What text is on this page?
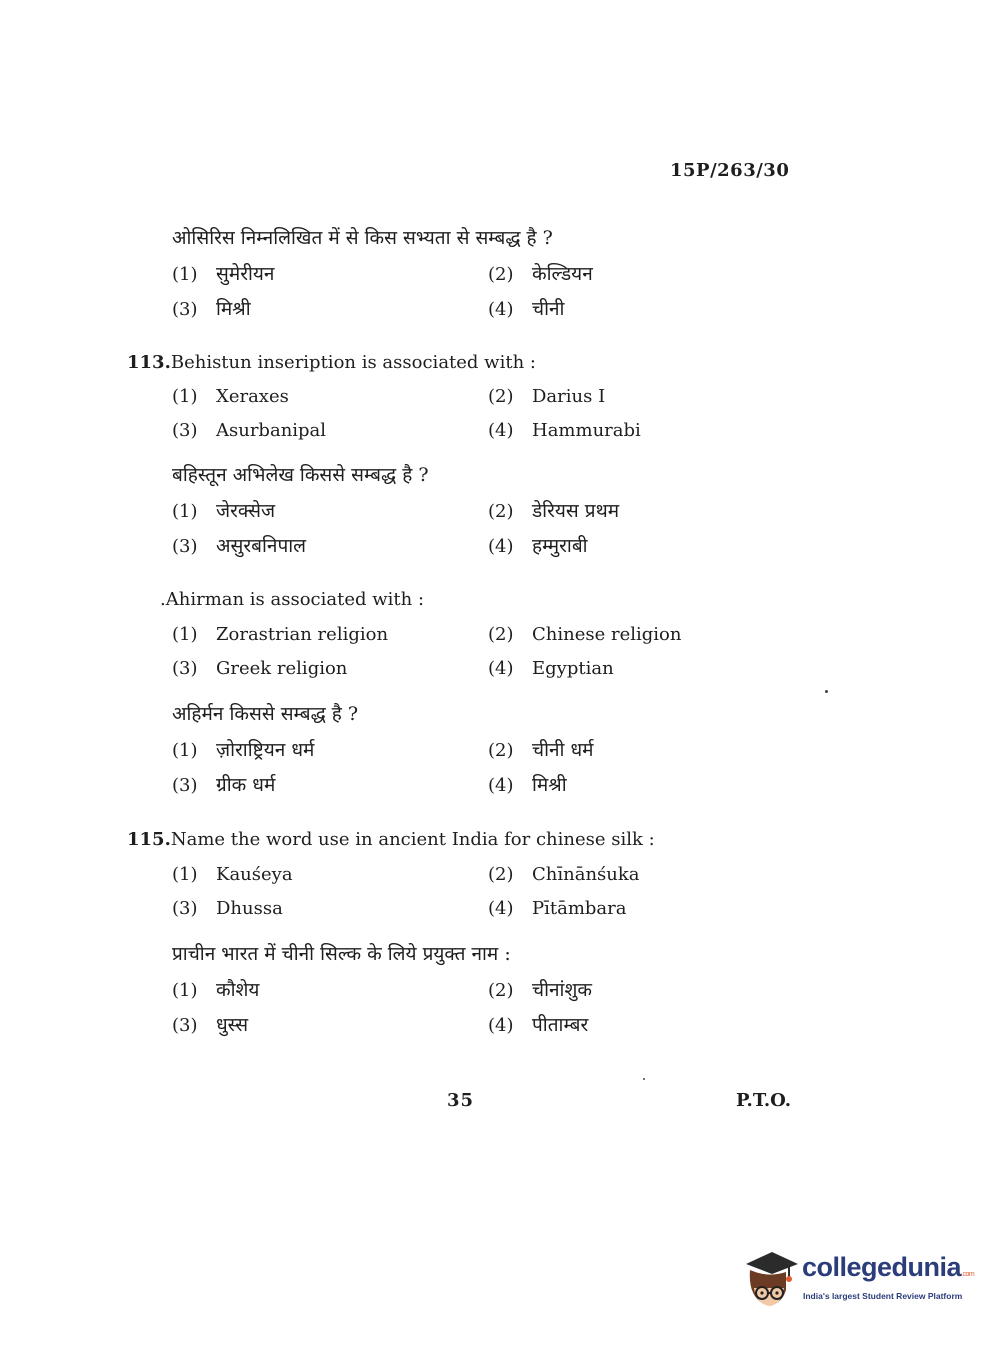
15P/263/30
ओसिरिस निम्नलिखित में से किस सभ्यता से सम्बद्ध है ?
(1) सुमेरीयन	(2) केल्डियन
(3) मिश्री	(4) चीनी
113.Behistun inseription is associated with :
(1) Xeraxes	(2) Darius I
(3) Asurbanipal	(4) Hammurabi
बहिस्तून अभिलेख किससे सम्बद्ध है ?
(1) जेरक्सेज	(2) डेरियस प्रथम
(3) असुरबनिपाल	(4) हम्मुराबी
.Ahirman is associated with :
(1) Zorastrian religion	(2) Chinese religion
(3) Greek religion	(4) Egyptian
अहिर्मन किससे सम्बद्ध है ?
(1) ज़ोराष्ट्रियन धर्म	(2) चीनी धर्म
(3) ग्रीक धर्म	(4) मिश्री
115.Name the word use in ancient India for chinese silk :
(1) Kauśeya	(2) Chīnānśuka
(3) Dhussa	(4) Pītāmbara
प्राचीन भारत में चीनी सिल्क के लिये प्रयुक्त नाम :
(1) कौशेय	(2) चीनांशुक
(3) धुस्स	(4) पीताम्बर
35	P.T.O.
collegedunia.com
India's largest Student Review Platform
